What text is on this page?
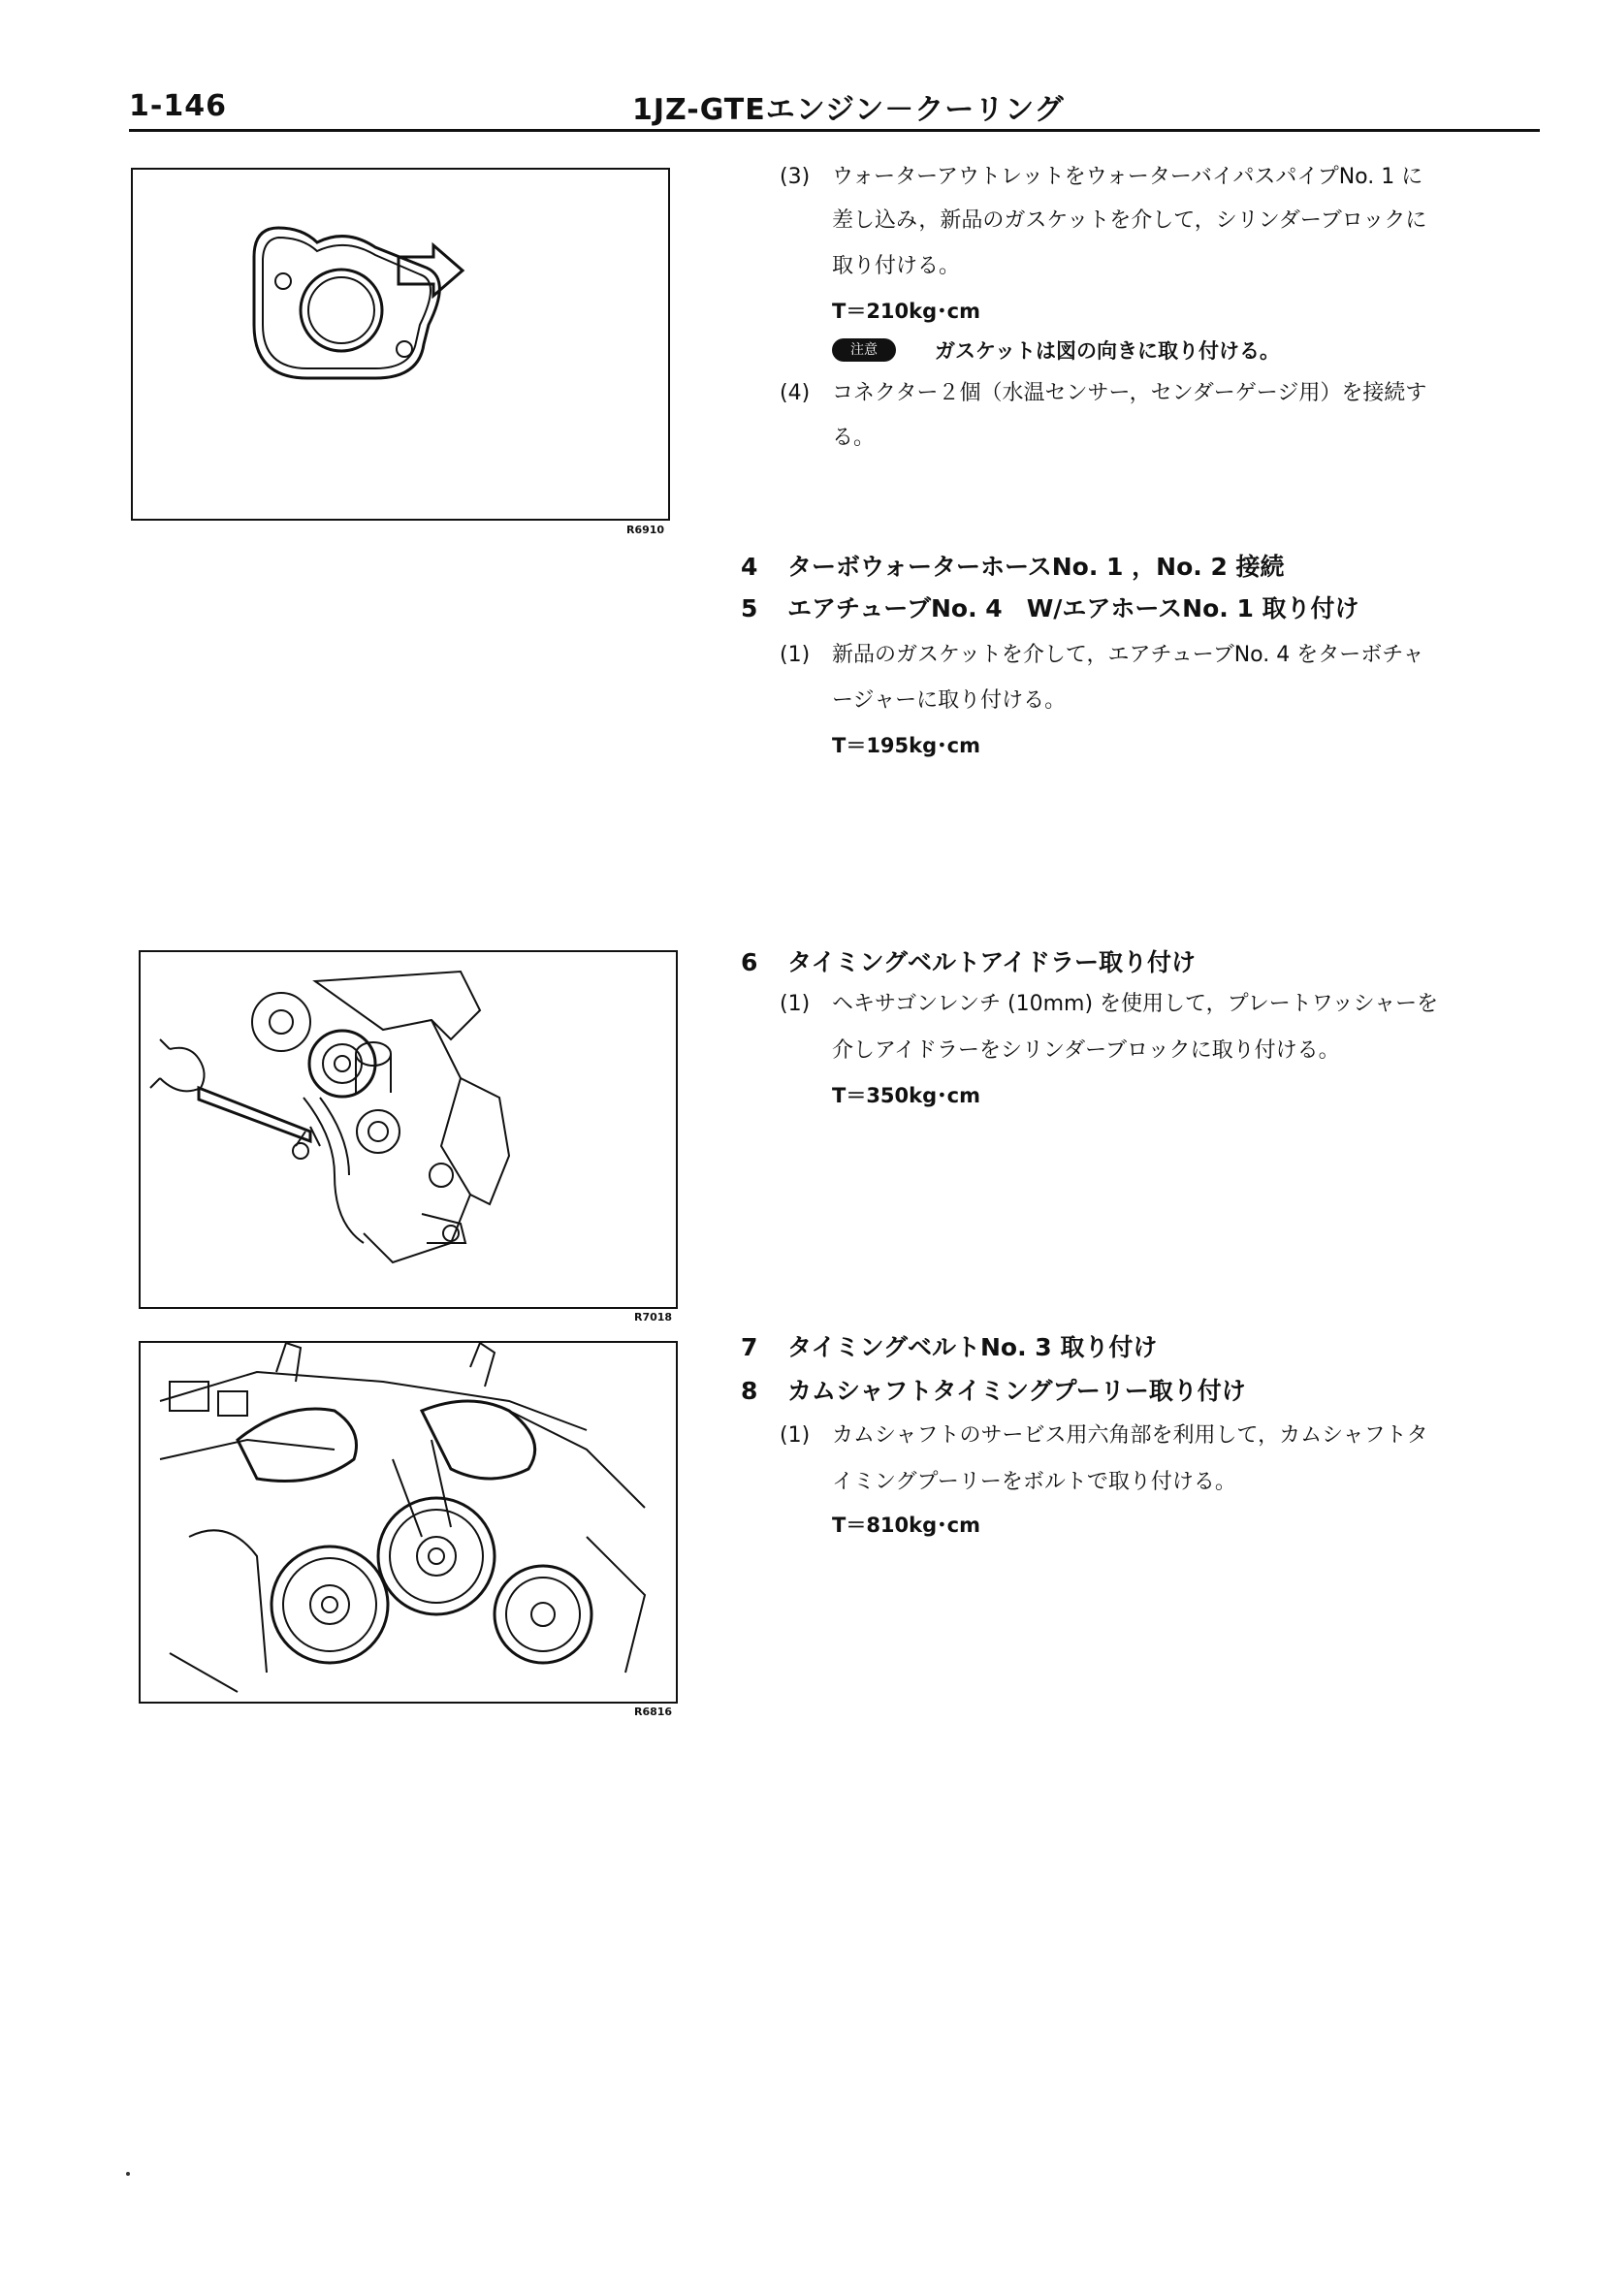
1-146	1JZ-GTEエンジン－クーリング
R6910
R7018
R6816
(3) ウォーターアウトレットをウォーターバイパスパイプNo. 1 に
差し込み，新品のガスケットを介して，シリンダーブロックに
取り付ける。
T＝210kg･cm
注意	ガスケットは図の向きに取り付ける。
(4) コネクター２個（水温センサー，センダーゲージ用）を接続す
る。
4 ターボウォーターホースNo. 1 ，No. 2 接続
5 エアチューブNo. 4　W/エアホースNo. 1 取り付け
(1) 新品のガスケットを介して，エアチューブNo. 4 をターボチャ
ージャーに取り付ける。
T＝195kg･cm
6 タイミングベルトアイドラー取り付け
(1) ヘキサゴンレンチ (10mm) を使用して，プレートワッシャーを
介しアイドラーをシリンダーブロックに取り付ける。
T＝350kg･cm
7 タイミングベルトNo. 3 取り付け
8 カムシャフトタイミングプーリー取り付け
(1) カムシャフトのサービス用六角部を利用して，カムシャフトタ
イミングプーリーをボルトで取り付ける。
T＝810kg･cm
